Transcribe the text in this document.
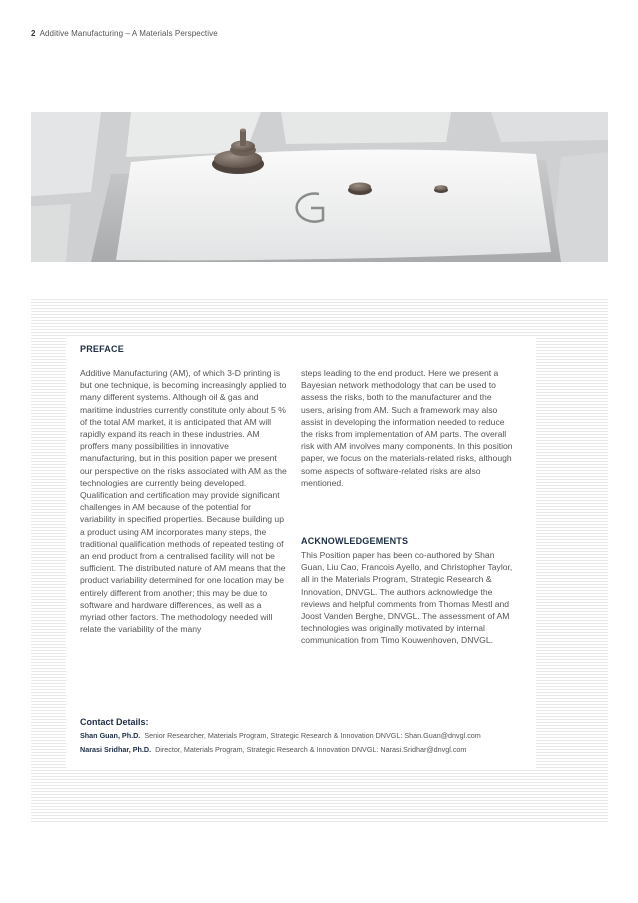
2 Additive Manufacturing – A Materials Perspective
PREFACE

Additive Manufacturing (AM), of which 3-D printing is but one technique, is becoming increasingly applied to many different systems. Although oil & gas and maritime industries currently constitute only about 5 % of the total AM market, it is anticipated that AM will rapidly expand its reach in these industries. AM proffers many possibilities in innovative manufacturing, but in this position paper we present our perspective on the risks associated with AM as the technologies are currently being developed. Qualification and certification may provide significant challenges in AM because of the potential for variability in specified properties. Because building up a product using AM incorporates many steps, the traditional qualification methods of repeated testing of an end product from a centralised facility will not be sufficient. The distributed nature of AM means that the product variability determined for one location may be entirely different from another; this may be due to software and hardware differences, as well as a myriad other factors. The methodology needed will relate the variability of the many

steps leading to the end product. Here we present a Bayesian network methodology that can be used to assess the risks, both to the manufacturer and the users, arising from AM. Such a framework may also assist in developing the information needed to reduce the risks from implementation of AM parts. The overall risk with AM involves many components. In this position paper, we focus on the materials-related risks, although some aspects of software-related risks are also mentioned.

ACKNOWLEDGEMENTS

This Position paper has been co-authored by Shan Guan, Liu Cao, Francois Ayello, and Christopher Taylor, all in the Materials Program, Strategic Research & Innovation, DNVGL. The authors acknowledge the reviews and helpful comments from Thomas Mestl and Joost Vanden Berghe, DNVGL. The assessment of AM technologies was originally motivated by internal communication from Timo Kouwenhoven, DNVGL.

Contact Details:
Shan Guan, Ph.D. Senior Researcher, Materials Program, Strategic Research & Innovation DNVGL: Shan.Guan@dnvgl.com
Narasi Sridhar, Ph.D. Director, Materials Program, Strategic Research & Innovation DNVGL: Narasi.Sridhar@dnvgl.com
